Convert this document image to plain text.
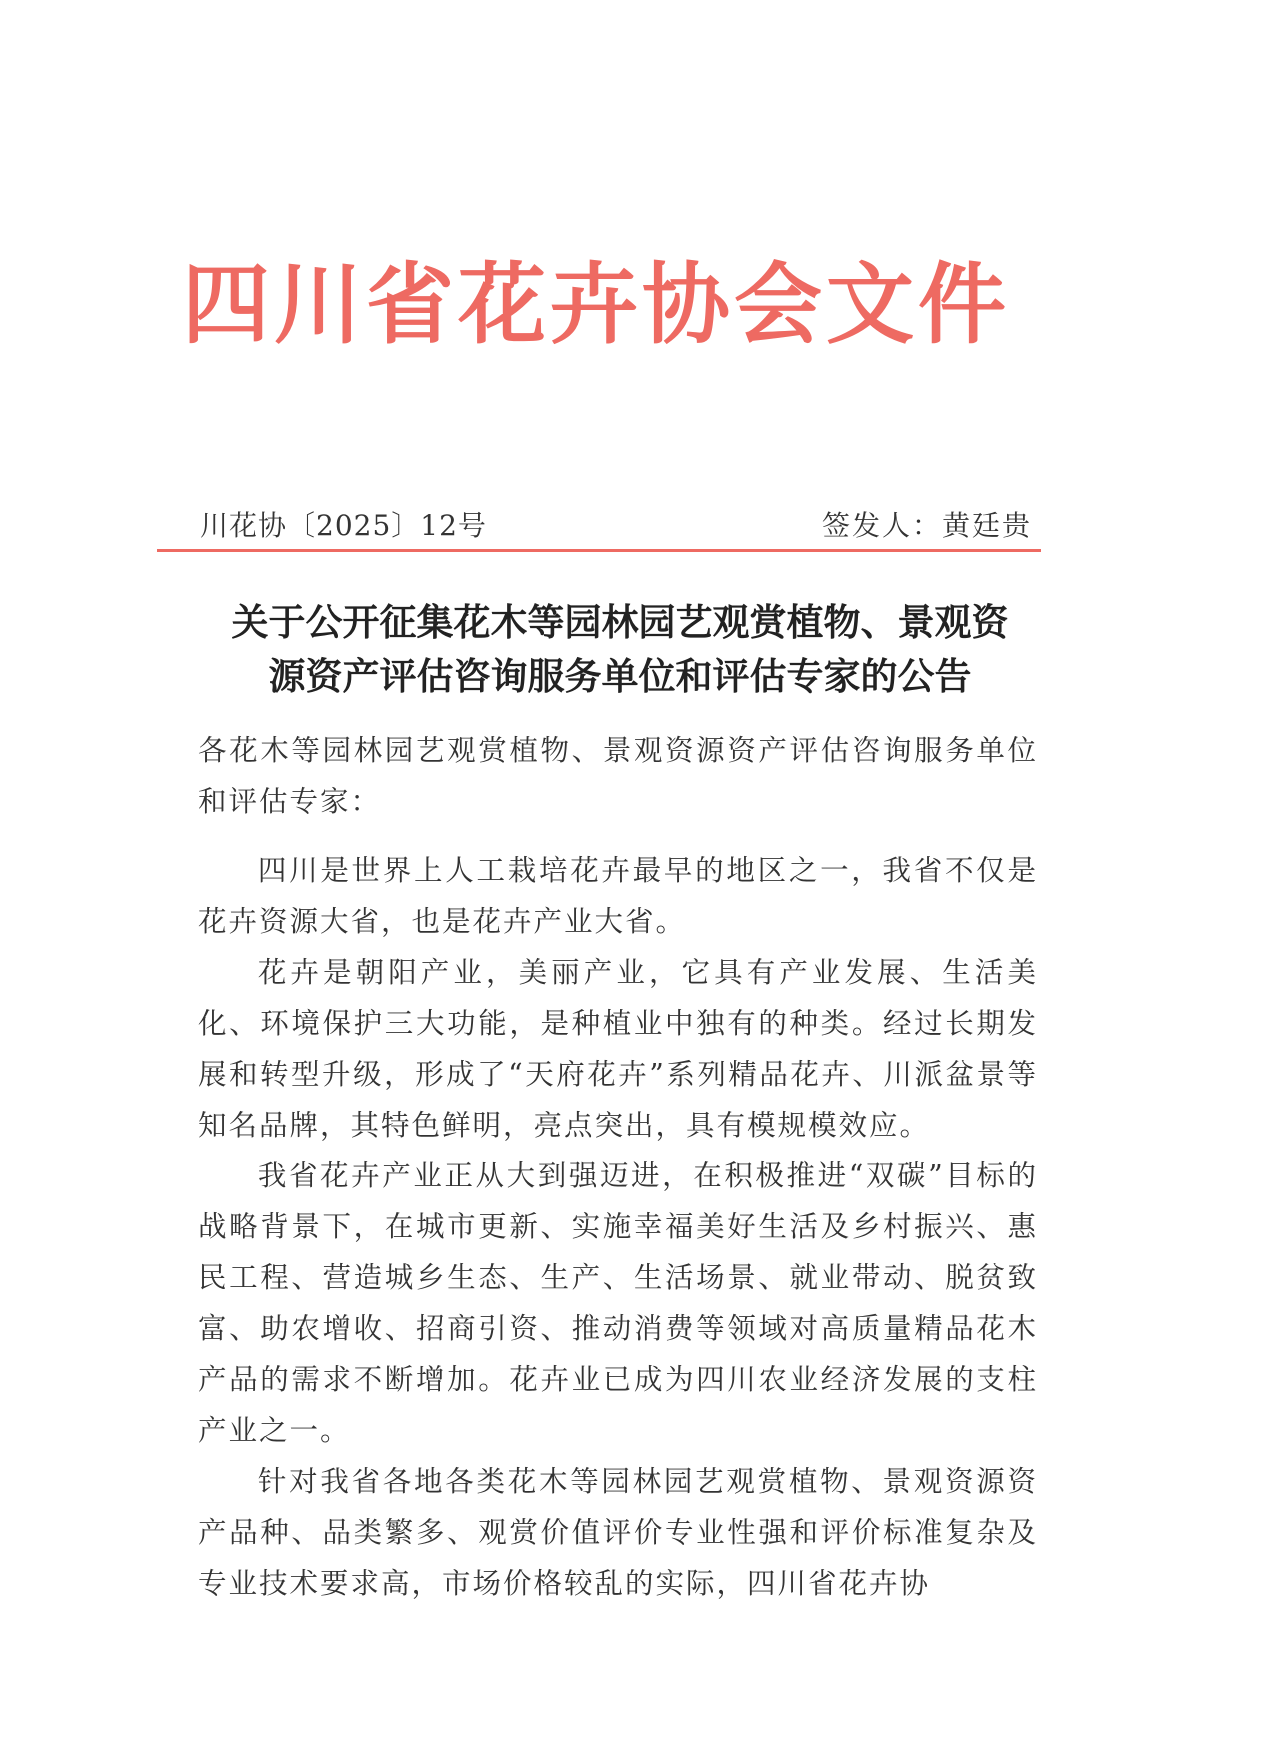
四川省花卉协会文件
川花协〔2025〕12号	签发人：黄廷贵
关于公开征集花木等园林园艺观赏植物、景观资
源资产评估咨询服务单位和评估专家的公告

各花木等园林园艺观赏植物、景观资源资产评估咨询服务单位和评估专家：

四川是世界上人工栽培花卉最早的地区之一，我省不仅是花卉资源大省，也是花卉产业大省。

花卉是朝阳产业，美丽产业，它具有产业发展、生活美化、环境保护三大功能，是种植业中独有的种类。经过长期发展和转型升级，形成了“天府花卉”系列精品花卉、川派盆景等知名品牌，其特色鲜明，亮点突出，具有模规模效应。

我省花卉产业正从大到强迈进，在积极推进“双碳”目标的战略背景下，在城市更新、实施幸福美好生活及乡村振兴、惠民工程、营造城乡生态、生产、生活场景、就业带动、脱贫致富、助农增收、招商引资、推动消费等领域对高质量精品花木产品的需求不断增加。花卉业已成为四川农业经济发展的支柱产业之一。

针对我省各地各类花木等园林园艺观赏植物、景观资源资产品种、品类繁多、观赏价值评价专业性强和评价标准复杂及专业技术要求高，市场价格较乱的实际，四川省花卉协
